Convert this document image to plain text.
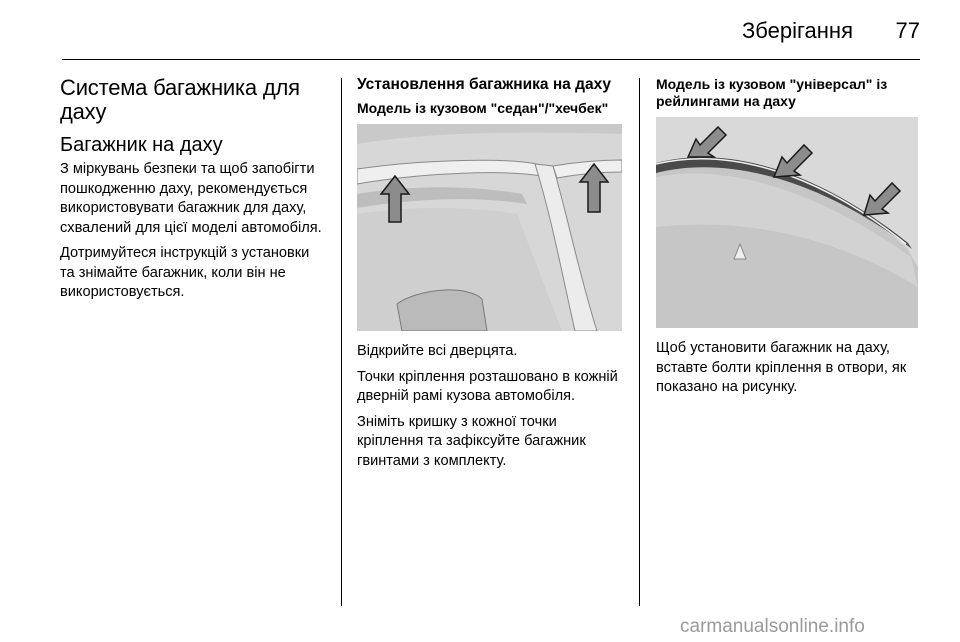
Зберігання	77
Система багажника для даху
Багажник на даху

З міркувань безпеки та щоб запобігти пошкодженню даху, рекомендується використовувати багажник для даху, схвалений для цієї моделі автомобіля.

Дотримуйтеся інструкцій з установки та знімайте багажник, коли він не використовується.

Установлення багажника на даху
Модель із кузовом "седан"/"хечбек"

Відкрийте всі дверцята.

Точки кріплення розташовано в кожній дверній рамі кузова автомобіля.

Зніміть кришку з кожної точки кріплення та зафіксуйте багажник гвинтами з комплекту.

Модель із кузовом "універсал" із рейлингами на даху

Щоб установити багажник на даху, вставте болти кріплення в отвори, як показано на рисунку.

carmanualsonline.info
